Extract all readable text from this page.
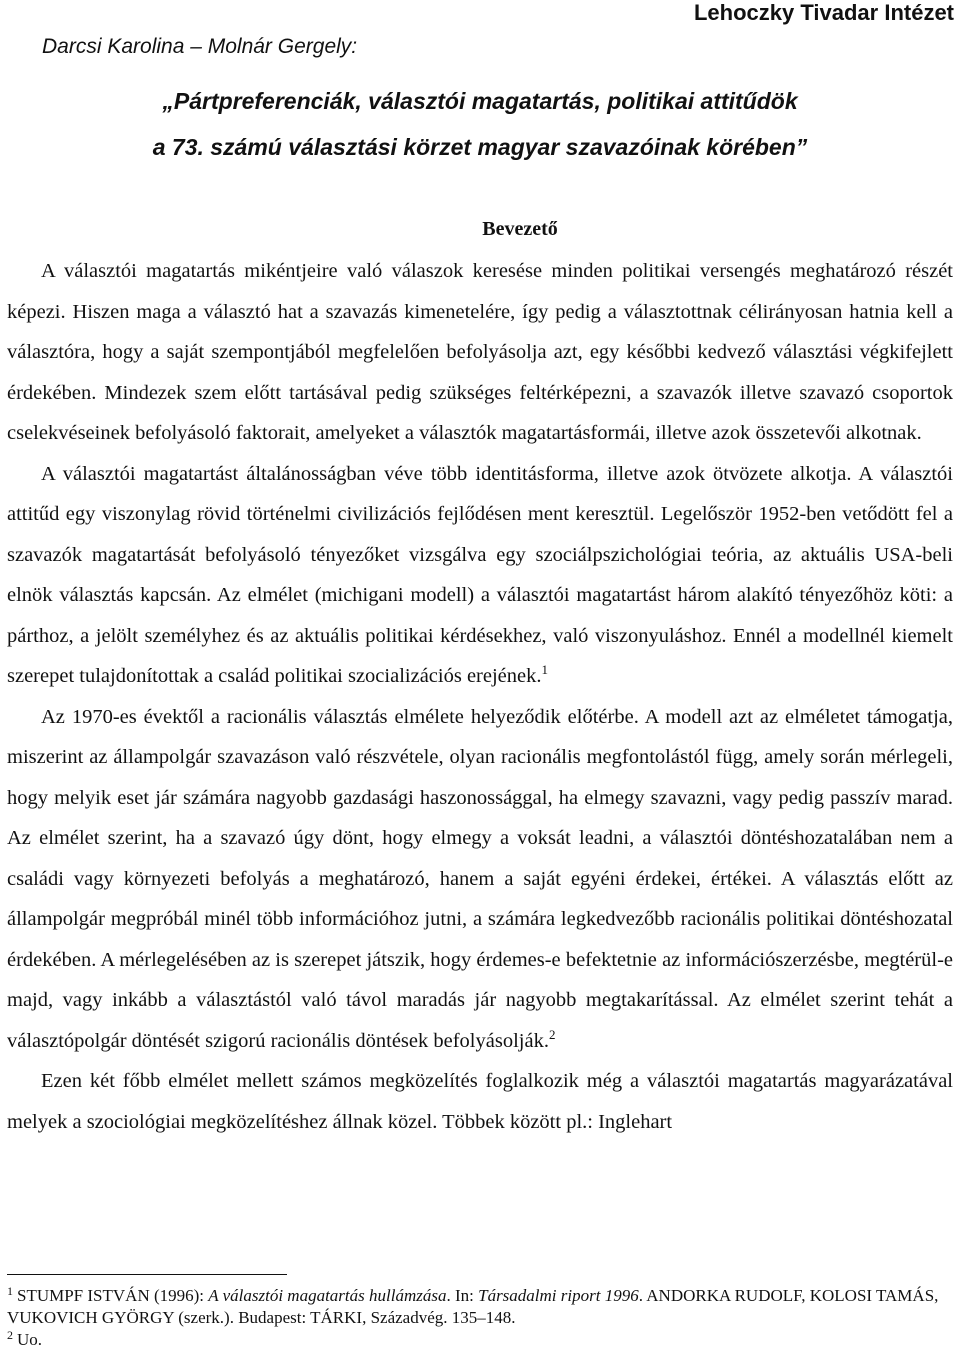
Lehoczky Tivadar Intézet
Darcsi Karolina – Molnár Gergely:
„Pártpreferenciák, választói magatartás, politikai attitűdök
a 73. számú választási körzet magyar szavazóinak körében”
Bevezető

A választói magatartás mikéntjeire való válaszok keresése minden politikai versengés meghatározó részét képezi. Hiszen maga a választó hat a szavazás kimenetelére, így pedig a választottnak célirányosan hatnia kell a választóra, hogy a saját szempontjából megfelelően befolyásolja azt, egy későbbi kedvező választási végkifejlett érdekében. Mindezek szem előtt tartásával pedig szükséges feltérképezni, a szavazók illetve szavazó csoportok cselekvéseinek befolyásoló faktorait, amelyeket a választók magatartásformái, illetve azok összetevői alkotnak.

A választói magatartást általánosságban véve több identitásforma, illetve azok ötvözete alkotja. A választói attitűd egy viszonylag rövid történelmi civilizációs fejlődésen ment keresztül. Legelőször 1952-ben vetődött fel a szavazók magatartását befolyásoló tényezőket vizsgálva egy szociálpszichológiai teória, az aktuális USA-beli elnök választás kapcsán. Az elmélet (michigani modell) a választói magatartást három alakító tényezőhöz köti: a párthoz, a jelölt személyhez és az aktuális politikai kérdésekhez, való viszonyuláshoz. Ennél a modellnél kiemelt szerepet tulajdonítottak a család politikai szocializációs erejének.$^1$

Az 1970-es évektől a racionális választás elmélete helyeződik előtérbe. A modell azt az elméletet támogatja, miszerint az állampolgár szavazáson való részvétele, olyan racionális megfontolástól függ, amely során mérlegeli, hogy melyik eset jár számára nagyobb gazdasági haszonossággal, ha elmegy szavazni, vagy pedig passzív marad. Az elmélet szerint, ha a szavazó úgy dönt, hogy elmegy a voksát leadni, a választói döntéshozatalában nem a családi vagy környezeti befolyás a meghatározó, hanem a saját egyéni érdekei, értékei. A választás előtt az állampolgár megpróbál minél több információhoz jutni, a számára legkedvezőbb racionális politikai döntéshozatal érdekében. A mérlegelésében az is szerepet játszik, hogy érdemes-e befektetnie az információszerzésbe, megtérül-e majd, vagy inkább a választástól való távol maradás jár nagyobb megtakarítással. Az elmélet szerint tehát a választópolgár döntését szigorú racionális döntések befolyásolják.$^2$

Ezen két főbb elmélet mellett számos megközelítés foglalkozik még a választói magatartás magyarázatával melyek a szociológiai megközelítéshez állnak közel. Többek között pl.: Inglehart

$^1$ STUMPF ISTVÁN (1996): A választói magatartás hullámzása. In: Társadalmi riport 1996. ANDORKA RUDOLF, KOLOSI TAMÁS, VUKOVICH GYÖRGY (szerk.). Budapest: TÁRKI, Századvég. 135–148.
$^2$ Uo.
